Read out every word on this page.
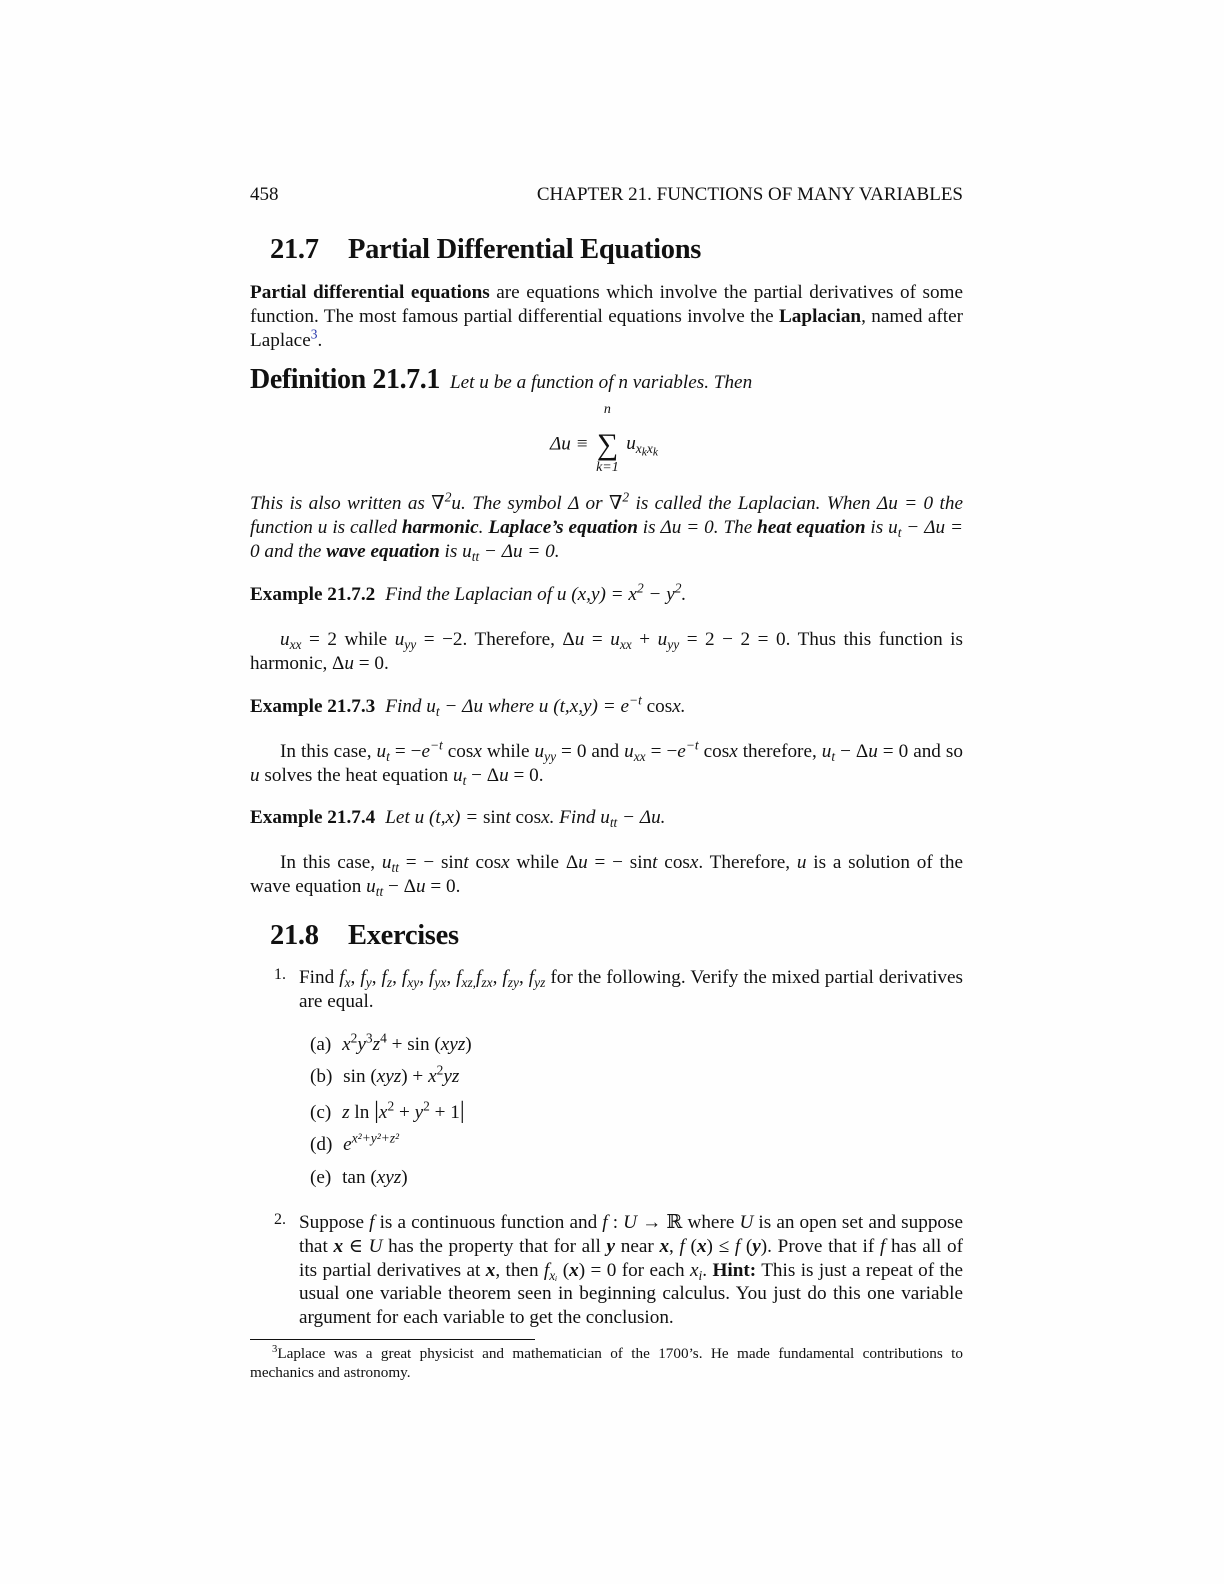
458	CHAPTER 21. FUNCTIONS OF MANY VARIABLES
21.7 Partial Differential Equations

Partial differential equations are equations which involve the partial derivatives of some function. The most famous partial differential equations involve the Laplacian, named after Laplace$^3$.

Definition 21.7.1 Let u be a function of n variables. Then
Δu ≡ ∑
n
k=1
$u_{xkxk}$

This is also written as ∇$^2$u. The symbol Δ or ∇$^2$ is called the Laplacian. When Δu = 0 the function u is called harmonic. Laplace’s equation is Δu = 0. The heat equation is $u_t - \Delta u = 0$ and the wave equation is $u_{tt} - \Delta u = 0$.

Example 21.7.2 Find the Laplacian of u $(x,y) = x^2 - y^2$.

$u_{xx} = 2$ while $u_{yy} = -2$. Therefore, $\Delta u = u_{xx} + u_{yy} = 2 - 2 = 0$. Thus this function is harmonic, Δu = 0.

Example 21.7.3 Find $u_t - \Delta u$ where u $(t,x,y) = e^{-t}$ cosx.

In this case, $u_t = -e^{-t}$ cosx while $u_{yy} = 0$ and $u_{xx} = -e^{-t}$ cosx therefore, $u_t - \Delta u = 0$ and so u solves the heat equation $u_t - \Delta u = 0$.

Example 21.7.4 Let u (t,x) = sint cosx. Find $u_{tt} - \Delta u$.

In this case, $u_{tt}$ = − sint cosx while Δu = − sint cosx. Therefore, u is a solution of the wave equation $u_{tt} - \Delta u = 0$.

21.8 Exercises
1. Find $f_x$, $f_y$, $f_z$, $f_{xy}$, $f_{yx}$, $f_{xz,}f_{zx}$, $f_{zy}$, $f_{yz}$ for the following. Verify the mixed partial derivatives are equal.

(a) $x^2y^3z^4 + \sin (xyz)$
(b) $\sin (xyz) + x^2yz$
(c) z $\ln |x^2 + y^2 + 1|$
(d) $e^{x^2+y^2+z^2}$
(e) tan (xyz)
2. Suppose f is a continuous function and f : U → ℝ where U is an open set and suppose that x ∈ U has the property that for all y near x, f (x) ≤ f (y). Prove that if f has all of its partial derivatives at x, then $f_{xᵢ}$ (x) = 0 for each $x_i$. Hint: This is just a repeat of the usual one variable theorem seen in beginning calculus. You just do this one variable argument for each variable to get the conclusion.

$^3$Laplace was a great physicist and mathematician of the 1700’s. He made fundamental contributions to mechanics and astronomy.
